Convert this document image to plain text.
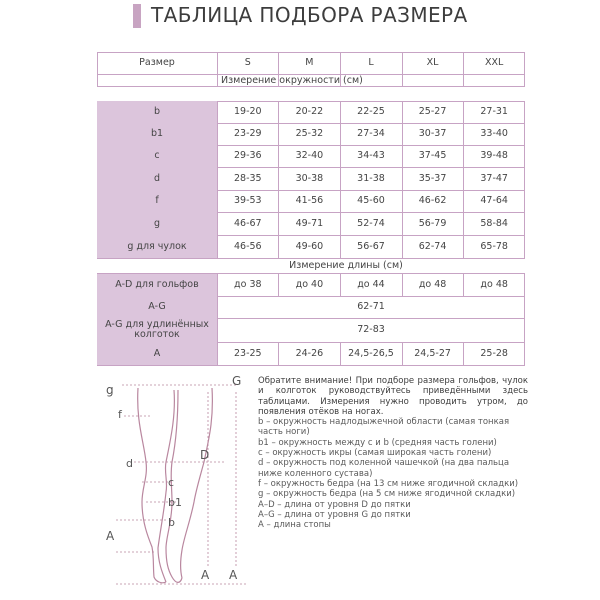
ТАБЛИЦА ПОДБОРА РАЗМЕРА
Размер	S	M	L	XL	XXL
Измерение окружности (см)
b	19-20	20-22	22-25	25-27	27-31
b1	23-29	25-32	27-34	30-37	33-40
c	29-36	32-40	34-43	37-45	39-48
d	28-35	30-38	31-38	35-37	37-47
f	39-53	41-56	45-60	46-62	47-64
g	46-67	49-71	52-74	56-79	58-84
g для чулок	46-56	49-60	56-67	62-74	65-78
Измерение длины (см)
A-D для гольфов	до 38	до 40	до 44	до 48	до 48
A-G	62-71
A-G для удлинённых колготок	72-83
A	23-25	24-26	24,5-26,5	24,5-27	25-28
G
g
f
d
D
c
b1
b
A
A A

Обратите внимание! При подборе размера гольфов, чулок и колготок руководствуйтесь приведёнными здесь таблицами. Измерения нужно проводить утром, до появления отёков на ногах.

b – окружность надлодыжечной области (самая тонкая часть ноги)

b1 – окружность между c и b (средняя часть голени)

c – окружность икры (самая широкая часть голени)

d – окружность под коленной чашечкой (на два пальца ниже коленного сустава)

f – окружность бедра (на 13 см ниже ягодичной складки)

g – окружность бедра (на 5 см ниже ягодичной складки)

A–D – длина от уровня D до пятки

A–G – длина от уровня G до пятки

A – длина стопы
